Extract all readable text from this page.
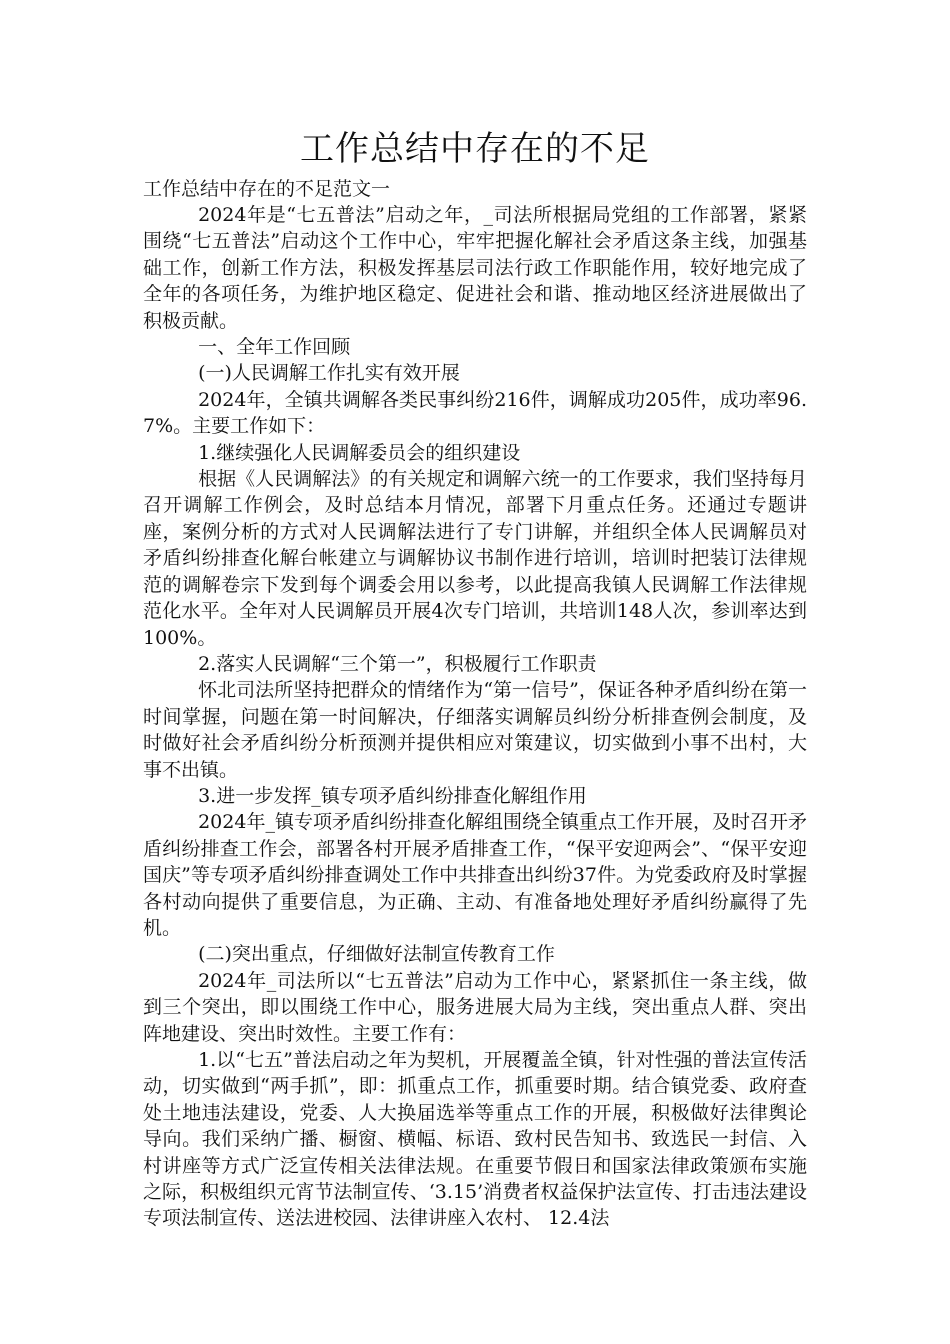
工作总结中存在的不足

工作总结中存在的不足范文一

2024年是“七五普法”启动之年，_司法所根据局党组的工作部署，紧紧围绕“七五普法”启动这个工作中心，牢牢把握化解社会矛盾这条主线，加强基础工作，创新工作方法，积极发挥基层司法行政工作职能作用，较好地完成了全年的各项任务，为维护地区稳定、促进社会和谐、推动地区经济进展做出了积极贡献。

一、全年工作回顾

(一)人民调解工作扎实有效开展

2024年，全镇共调解各类民事纠纷216件，调解成功205件，成功率96.7%。主要工作如下：

1.继续强化人民调解委员会的组织建设

根据《人民调解法》的有关规定和调解六统一的工作要求，我们坚持每月召开调解工作例会，及时总结本月情况，部署下月重点任务。还通过专题讲座，案例分析的方式对人民调解法进行了专门讲解，并组织全体人民调解员对矛盾纠纷排查化解台帐建立与调解协议书制作进行培训，培训时把装订法律规范的调解卷宗下发到每个调委会用以参考，以此提高我镇人民调解工作法律规范化水平。全年对人民调解员开展4次专门培训，共培训148人次，参训率达到100%。

2.落实人民调解“三个第一”，积极履行工作职责

怀北司法所坚持把群众的情绪作为“第一信号”，保证各种矛盾纠纷在第一时间掌握，问题在第一时间解决，仔细落实调解员纠纷分析排查例会制度，及时做好社会矛盾纠纷分析预测并提供相应对策建议，切实做到小事不出村，大事不出镇。

3.进一步发挥_镇专项矛盾纠纷排查化解组作用

2024年_镇专项矛盾纠纷排查化解组围绕全镇重点工作开展，及时召开矛盾纠纷排查工作会，部署各村开展矛盾排查工作，“保平安迎两会”、“保平安迎国庆”等专项矛盾纠纷排查调处工作中共排查出纠纷37件。为党委政府及时掌握各村动向提供了重要信息，为正确、主动、有准备地处理好矛盾纠纷赢得了先机。

(二)突出重点，仔细做好法制宣传教育工作

2024年_司法所以“七五普法”启动为工作中心，紧紧抓住一条主线，做到三个突出，即以围绕工作中心，服务进展大局为主线，突出重点人群、突出阵地建设、突出时效性。主要工作有：

1.以“七五”普法启动之年为契机，开展覆盖全镇，针对性强的普法宣传活动，切实做到“两手抓”，即：抓重点工作，抓重要时期。结合镇党委、政府查处土地违法建设，党委、人大换届选举等重点工作的开展，积极做好法律舆论导向。我们采纳广播、橱窗、横幅、标语、致村民告知书、致选民一封信、入村讲座等方式广泛宣传相关法律法规。在重要节假日和国家法律政策颁布实施之际，积极组织元宵节法制宣传、‘3.15’消费者权益保护法宣传、打击违法建设专项法制宣传、送法进校园、法律讲座入农村、 12.4法
